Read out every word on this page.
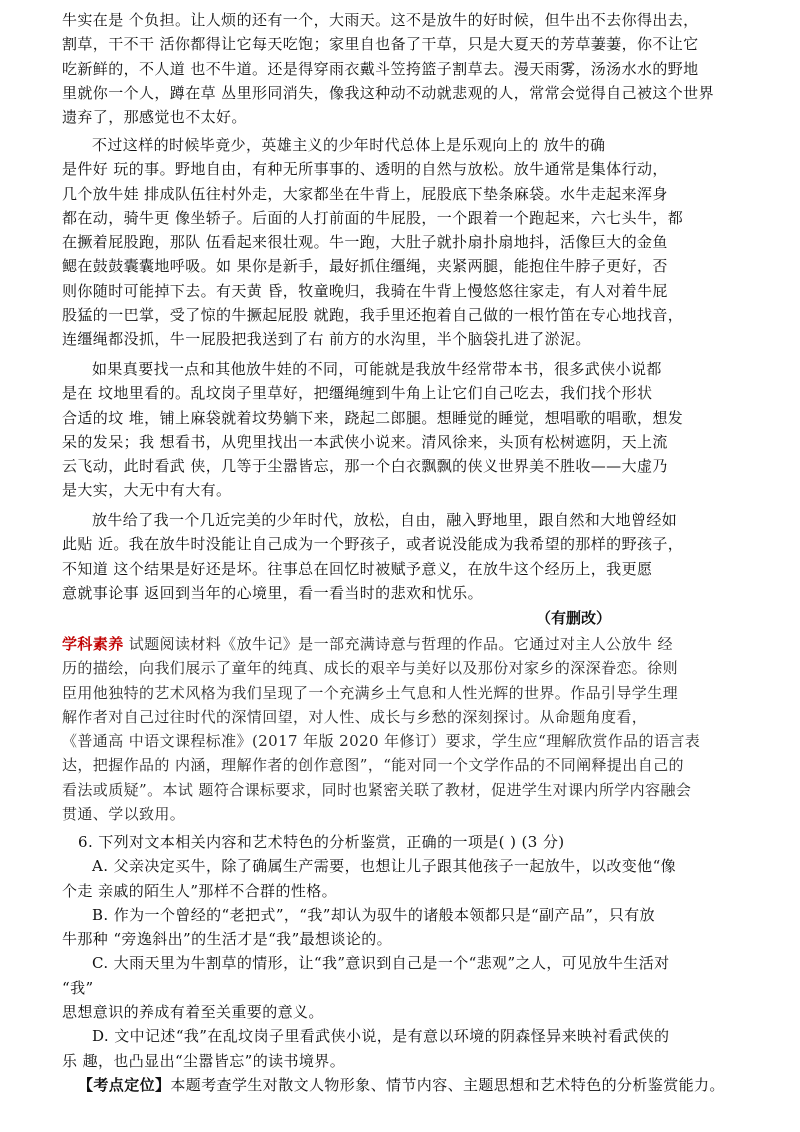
牛实在是 个负担。让人烦的还有一个，大雨天。这不是放牛的好时候，但牛出不去你得出去，
割草，干不干 活你都得让它每天吃饱；家里自也备了干草，只是大夏天的芳草萋萋，你不让它
吃新鲜的，不人道 也不牛道。还是得穿雨衣戴斗笠挎篮子割草去。漫天雨雾，汤汤水水的野地
里就你一个人，蹲在草 丛里形同消失，像我这种动不动就悲观的人，常常会觉得自己被这个世界
遗弃了，那感觉也不太好。
不过这样的时候毕竟少，英雄主义的少年时代总体上是乐观向上的 放牛的确
是件好 玩的事。野地自由，有种无所事事的、透明的自然与放松。放牛通常是集体行动，
几个放牛娃 排成队伍往村外走，大家都坐在牛背上，屁股底下垫条麻袋。水牛走起来浑身
都在动，骑牛更 像坐轿子。后面的人打前面的牛屁股，一个跟着一个跑起来，六七头牛，都
在撅着屁股跑，那队 伍看起来很壮观。牛一跑，大肚子就扑扇扑扇地抖，活像巨大的金鱼
鳃在鼓鼓囊囊地呼吸。如 果你是新手，最好抓住缰绳，夹紧两腿，能抱住牛脖子更好，否
则你随时可能掉下去。有天黄 昏，牧童晚归，我骑在牛背上慢悠悠往家走，有人对着牛屁
股猛的一巴掌，受了惊的牛撅起屁股 就跑，我手里还抱着自己做的一根竹笛在专心地找音，
连缰绳都没抓，牛一屁股把我送到了右 前方的水沟里，半个脑袋扎进了淤泥。
如果真要找一点和其他放牛娃的不同，可能就是我放牛经常带本书，很多武侠小说都
是在 坟地里看的。乱坟岗子里草好，把缰绳缠到牛角上让它们自己吃去，我们找个形状
合适的坟 堆，铺上麻袋就着坟势躺下来，跷起二郎腿。想睡觉的睡觉，想唱歌的唱歌，想发
呆的发呆；我 想看书，从兜里找出一本武侠小说来。清风徐来，头顶有松树遮阴，天上流
云飞动，此时看武 侠，几等于尘嚣皆忘，那一个白衣飘飘的侠义世界美不胜收——大虚乃
是大实，大无中有大有。
放牛给了我一个几近完美的少年时代，放松，自由，融入野地里，跟自然和大地曾经如
此贴 近。我在放牛时没能让自己成为一个野孩子，或者说没能成为我希望的那样的野孩子，
不知道 这个结果是好还是坏。往事总在回忆时被赋予意义，在放牛这个经历上，我更愿
意就事论事 返回到当年的心境里，看一看当时的悲欢和忧乐。
（有删改）
学科素养 试题阅读材料《放牛记》是一部充满诗意与哲理的作品。它通过对主人公放牛 经
历的描绘，向我们展示了童年的纯真、成长的艰辛与美好以及那份对家乡的深深眷恋。徐则
臣用他独特的艺术风格为我们呈现了一个充满乡土气息和人性光辉的世界。作品引导学生理
解作者对自己过往时代的深情回望，对人性、成长与乡愁的深刻探讨。从命题角度看，
《普通高 中语文课程标准》(2017 年版 2020 年修订）要求，学生应“理解欣赏作品的语言表
达，把握作品的 内涵，理解作者的创作意图”，“能对同一个文学作品的不同阐释提出自己的
看法或质疑”。本试 题符合课标要求，同时也紧密关联了教材，促进学生对课内所学内容融会
贯通、学以致用。
6. 下列对文本相关内容和艺术特色的分析鉴赏，正确的一项是( ) (3 分)
A. 父亲决定买牛，除了确属生产需要，也想让儿子跟其他孩子一起放牛，以改变他“像
个走 亲戚的陌生人”那样不合群的性格。
B. 作为一个曾经的“老把式”，“我”却认为驭牛的诸般本领都只是“副产品”，只有放
牛那种 “旁逸斜出”的生活才是“我”最想谈论的。
C. 大雨天里为牛割草的情形，让“我”意识到自己是一个“悲观”之人，可见放牛生活对
“我”
思想意识的养成有着至关重要的意义。
D. 文中记述“我”在乱坟岗子里看武侠小说，是有意以环境的阴森怪异来映衬看武侠的
乐 趣，也凸显出“尘嚣皆忘”的读书境界。
【考点定位】本题考查学生对散文人物形象、情节内容、主题思想和艺术特色的分析鉴赏能力。
